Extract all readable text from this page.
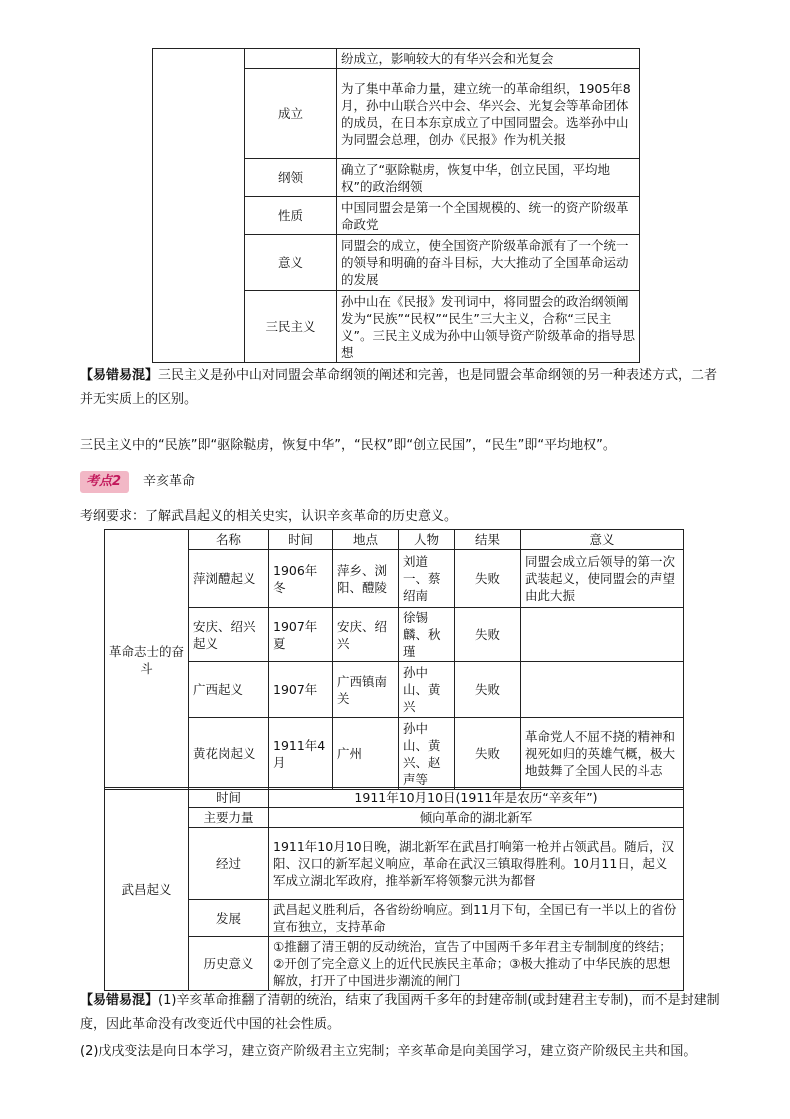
		纷成立，影响较大的有华兴会和光复会
	成立	为了集中革命力量，建立统一的革命组织，1905年8月，孙中山联合兴中会、华兴会、光复会等革命团体的成员，在日本东京成立了中国同盟会。选举孙中山为同盟会总理，创办《民报》作为机关报
	纲领	确立了“驱除鞑虏，恢复中华，创立民国，平均地权”的政治纲领
	性质	中国同盟会是第一个全国规模的、统一的资产阶级革命政党
	意义	同盟会的成立，使全国资产阶级革命派有了一个统一的领导和明确的奋斗目标，大大推动了全国革命运动的发展
	三民主义	孙中山在《民报》发刊词中，将同盟会的政治纲领阐发为“民族”“民权”“民生”三大主义，合称“三民主义”。三民主义成为孙中山领导资产阶级革命的指导思想
【易错易混】三民主义是孙中山对同盟会革命纲领的阐述和完善，也是同盟会革命纲领的另一种表述方式，二者并无实质上的区别。
三民主义中的“民族”即“驱除鞑虏，恢复中华”，“民权”即“创立民国”，“民生”即“平均地权”。
考点2	辛亥革命
考纲要求：了解武昌起义的相关史实，认识辛亥革命的历史意义。
革命志士的奋斗	名称	时间	地点	人物	结果	意义
	萍浏醴起义	1906年冬	萍乡、浏阳、醴陵	刘道一、蔡绍南	失败	同盟会成立后领导的第一次武装起义，使同盟会的声望由此大振
	安庆、绍兴起义	1907年夏	安庆、绍兴	徐锡麟、秋瑾	失败	
	广西起义	1907年	广西镇南关	孙中山、黄兴	失败	
	黄花岗起义	1911年4月	广州	孙中山、黄兴、赵声等	失败	革命党人不屈不挠的精神和视死如归的英雄气概，极大地鼓舞了全国人民的斗志
武昌起义	时间	1911年10月10日(1911年是农历“辛亥年”)
	主要力量	倾向革命的湖北新军
	经过	1911年10月10日晚，湖北新军在武昌打响第一枪并占领武昌。随后，汉阳、汉口的新军起义响应，革命在武汉三镇取得胜利。10月11日，起义军成立湖北军政府，推举新军将领黎元洪为都督
	发展	武昌起义胜利后，各省纷纷响应。到11月下旬，全国已有一半以上的省份宣布独立，支持革命
	历史意义	①推翻了清王朝的反动统治，宣告了中国两千多年君主专制制度的终结；②开创了完全意义上的近代民族民主革命；③极大推动了中华民族的思想解放，打开了中国进步潮流的闸门
【易错易混】(1)辛亥革命推翻了清朝的统治，结束了我国两千多年的封建帝制(或封建君主专制)，而不是封建制度，因此革命没有改变近代中国的社会性质。
(2)戊戌变法是向日本学习，建立资产阶级君主立宪制；辛亥革命是向美国学习，建立资产阶级民主共和国。
